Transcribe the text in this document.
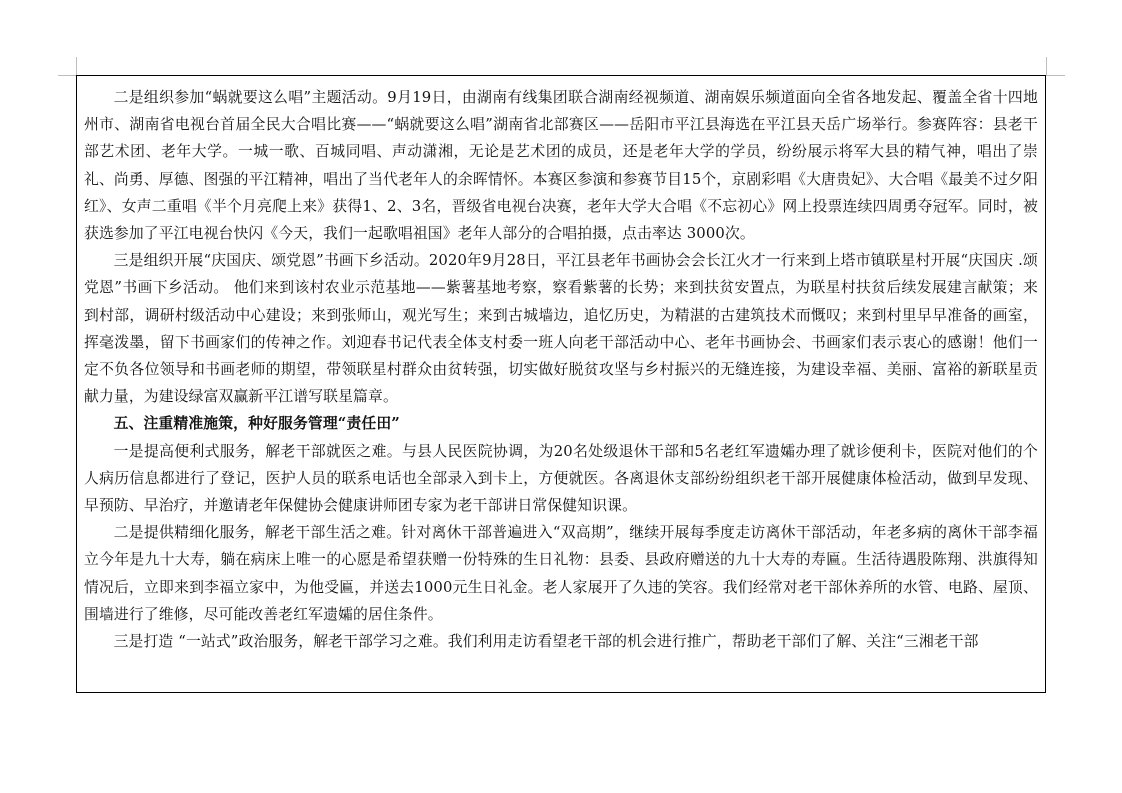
二是组织参加“蜗就要这么唱”主题活动。9月19日，由湖南有线集团联合湖南经视频道、湖南娱乐频道面向全省各地发起、覆盖全省十四地州市、湖南省电视台首届全民大合唱比赛——“蜗就要这么唱”湖南省北部赛区——岳阳市平江县海选在平江县天岳广场举行。参赛阵容：县老干部艺术团、老年大学。一城一歌、百城同唱、声动潇湘，无论是艺术团的成员，还是老年大学的学员，纷纷展示将军大县的精气神，唱出了崇礼、尚勇、厚德、图强的平江精神，唱出了当代老年人的余晖情怀。本赛区参演和参赛节目15个，京剧彩唱《大唐贵妃》、大合唱《最美不过夕阳红》、女声二重唱《半个月亮爬上来》获得1、2、3名，晋级省电视台决赛，老年大学大合唱《不忘初心》网上投票连续四周勇夺冠军。同时，被获选参加了平江电视台快闪《今天，我们一起歌唱祖国》老年人部分的合唱拍摄，点击率达 3000次。

三是组织开展“庆国庆、颂党恩”书画下乡活动。2020年9月28日，平江县老年书画协会会长江火才一行来到上塔市镇联星村开展“庆国庆 .颂党恩”书画下乡活动。 他们来到该村农业示范基地——紫薯基地考察，察看紫薯的长势；来到扶贫安置点，为联星村扶贫后续发展建言献策；来到村部，调研村级活动中心建设；来到张师山，观光写生；来到古城墙边，追忆历史，为精湛的古建筑技术而慨叹；来到村里早早准备的画室，挥毫泼墨，留下书画家们的传神之作。刘迎春书记代表全体支村委一班人向老干部活动中心、老年书画协会、书画家们表示衷心的感谢！他们一定不负各位领导和书画老师的期望，带领联星村群众由贫转强，切实做好脱贫攻坚与乡村振兴的无缝连接，为建设幸福、美丽、富裕的新联星贡献力量，为建设绿富双赢新平江谱写联星篇章。

五、注重精准施策，种好服务管理“责任田”

一是提高便利式服务，解老干部就医之难。与县人民医院协调，为20名处级退休干部和5名老红军遗孀办理了就诊便利卡，医院对他们的个人病历信息都进行了登记，医护人员的联系电话也全部录入到卡上，方便就医。各离退休支部纷纷组织老干部开展健康体检活动，做到早发现、早预防、早治疗，并邀请老年保健协会健康讲师团专家为老干部讲日常保健知识课。

二是提供精细化服务，解老干部生活之难。针对离休干部普遍进入“双高期”，继续开展每季度走访离休干部活动，年老多病的离休干部李福立今年是九十大寿，躺在病床上唯一的心愿是希望获赠一份特殊的生日礼物：县委、县政府赠送的九十大寿的寿匾。生活待遇股陈翔、洪旗得知情况后，立即来到李福立家中，为他受匾，并送去1000元生日礼金。老人家展开了久违的笑容。我们经常对老干部休养所的水管、电路、屋顶、围墙进行了维修，尽可能改善老红军遗孀的居住条件。

三是打造 “一站式”政治服务，解老干部学习之难。我们利用走访看望老干部的机会进行推广，帮助老干部们了解、关注“三湘老干部
